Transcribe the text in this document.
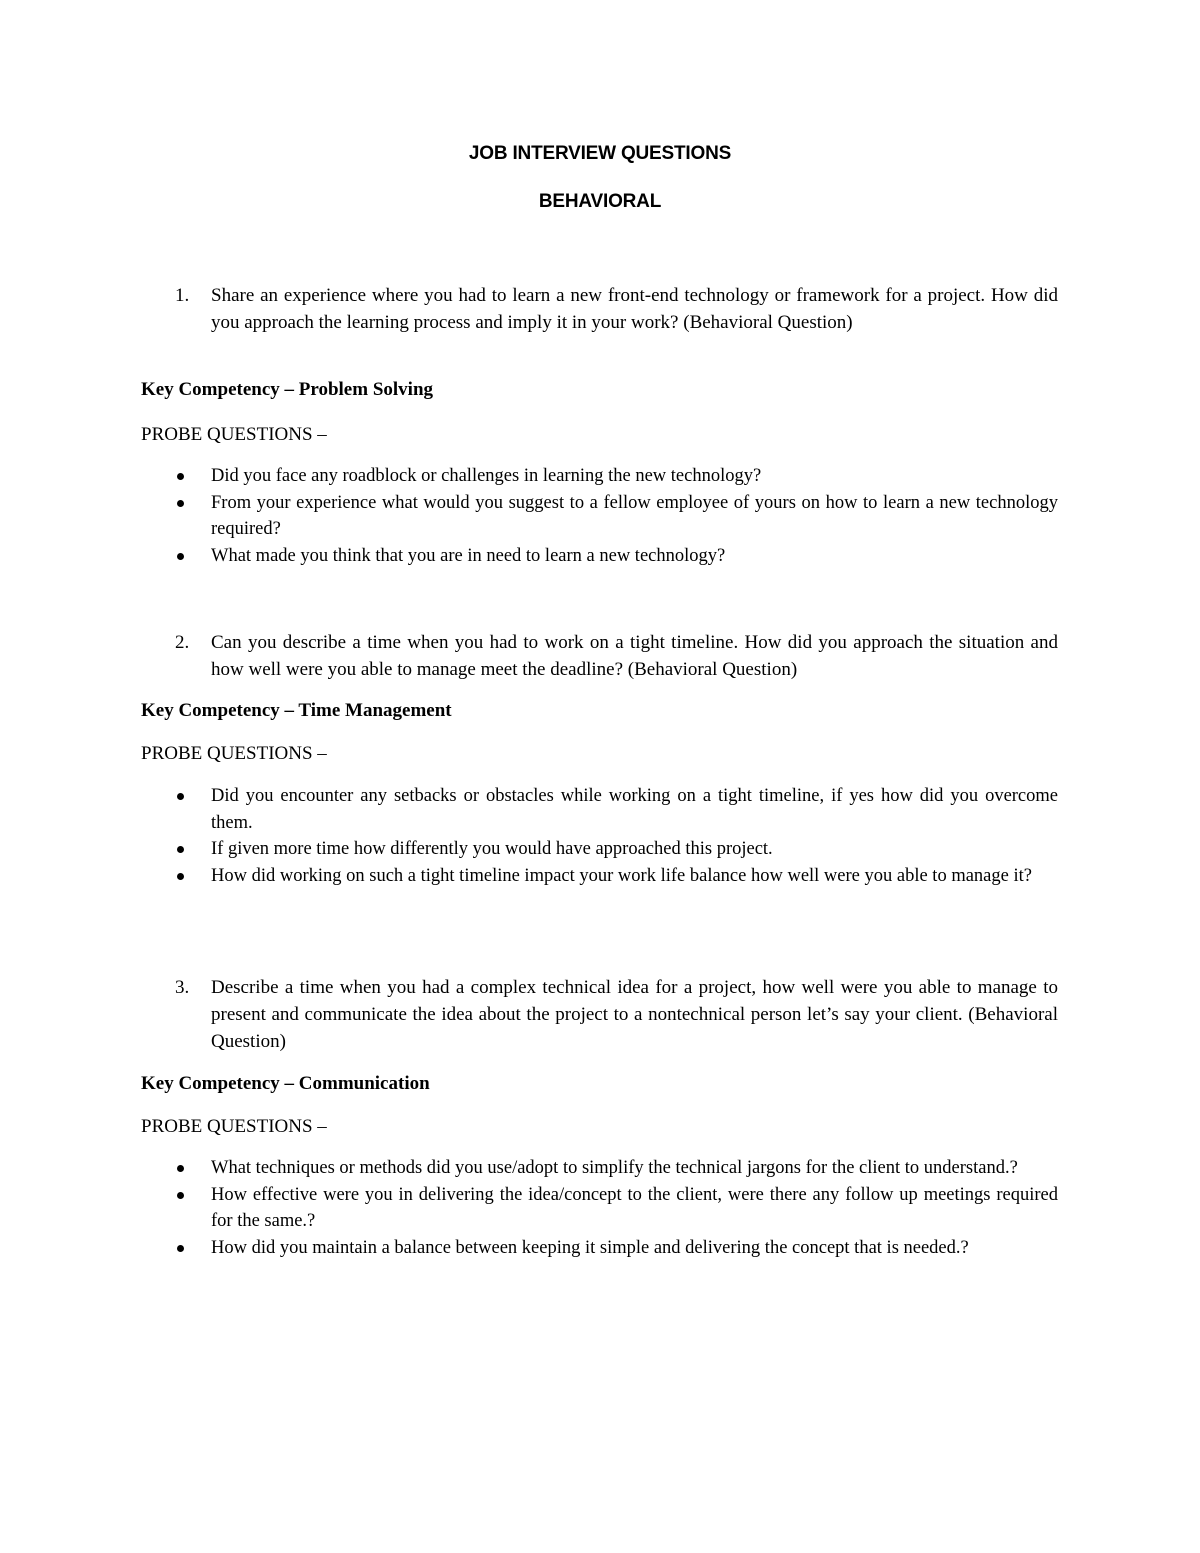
JOB INTERVIEW QUESTIONS
BEHAVIORAL
1. Share an experience where you had to learn a new front-end technology or framework for a project. How did you approach the learning process and imply it in your work? (Behavioral Question)
Key Competency – Problem Solving
PROBE QUESTIONS –
Did you face any roadblock or challenges in learning the new technology?
From your experience what would you suggest to a fellow employee of yours on how to learn a new technology required?
What made you think that you are in need to learn a new technology?
2. Can you describe a time when you had to work on a tight timeline. How did you approach the situation and how well were you able to manage meet the deadline? (Behavioral Question)
Key Competency – Time Management
PROBE QUESTIONS –
Did you encounter any setbacks or obstacles while working on a tight timeline, if yes how did you overcome them.
If given more time how differently you would have approached this project.
How did working on such a tight timeline impact your work life balance how well were you able to manage it?
3. Describe a time when you had a complex technical idea for a project, how well were you able to manage to present and communicate the idea about the project to a nontechnical person let’s say your client. (Behavioral Question)
Key Competency – Communication
PROBE QUESTIONS –
What techniques or methods did you use/adopt to simplify the technical jargons for the client to understand.?
How effective were you in delivering the idea/concept to the client, were there any follow up meetings required for the same.?
How did you maintain a balance between keeping it simple and delivering the concept that is needed.?
